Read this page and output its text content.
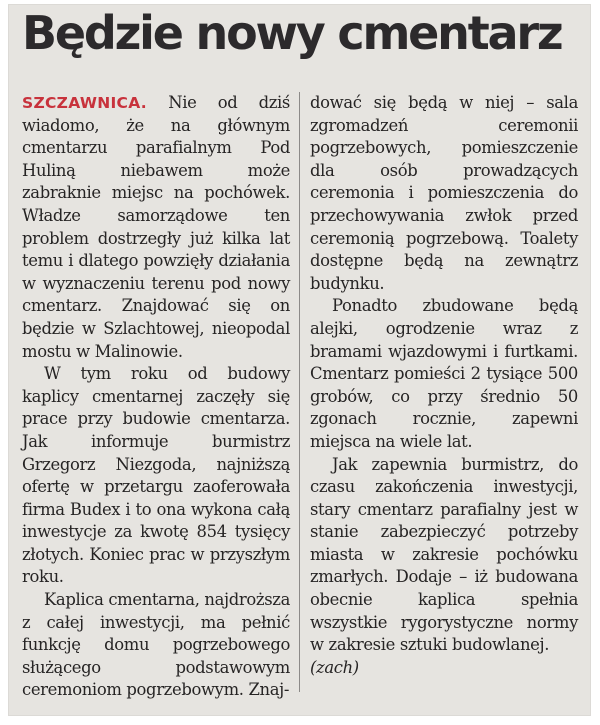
Będzie nowy cmentarz

SZCZAWNICA. Nie od dziś wiadomo, że na głównym cmentarzu parafialnym Pod Huliną niebawem może zabraknie miejsc na pochówek. Władze samorządowe ten problem dostrzegły już kilka lat temu i dlatego powzięły działania w wyznaczeniu terenu pod nowy cmentarz. Znajdować się on będzie w Szlachtowej, nieopodal mostu w Malinowie.

W tym roku od budowy kaplicy cmentarnej zaczęły się prace przy budowie cmentarza. Jak informuje burmistrz Grzegorz Niezgoda, najniższą ofertę w przetargu zaoferowała firma Budex i to ona wykona całą inwestycje za kwotę 854 tysięcy złotych. Koniec prac w przyszłym roku.

Kaplica cmentarna, najdroższa z całej inwestycji, ma pełnić funkcję domu pogrzebowego służącego podstawowym ceremoniom pogrzebowym. Znaj-

dować się będą w niej – sala zgromadzeń ceremonii pogrzebowych, pomieszczenie dla osób prowadzących ceremonia i pomieszczenia do przechowywania zwłok przed ceremonią pogrzebową. Toalety dostępne będą na zewnątrz budynku.

Ponadto zbudowane będą alejki, ogrodzenie wraz z bramami wjazdowymi i furtkami. Cmentarz pomieści 2 tysiące 500 grobów, co przy średnio 50 zgonach rocznie, zapewni miejsca na wiele lat.

Jak zapewnia burmistrz, do czasu zakończenia inwestycji, stary cmentarz parafialny jest w stanie zabezpieczyć potrzeby miasta w zakresie pochówku zmarłych. Dodaje – iż budowana obecnie kaplica spełnia wszystkie rygorystyczne normy w zakresie sztuki budowlanej.

(zach)
